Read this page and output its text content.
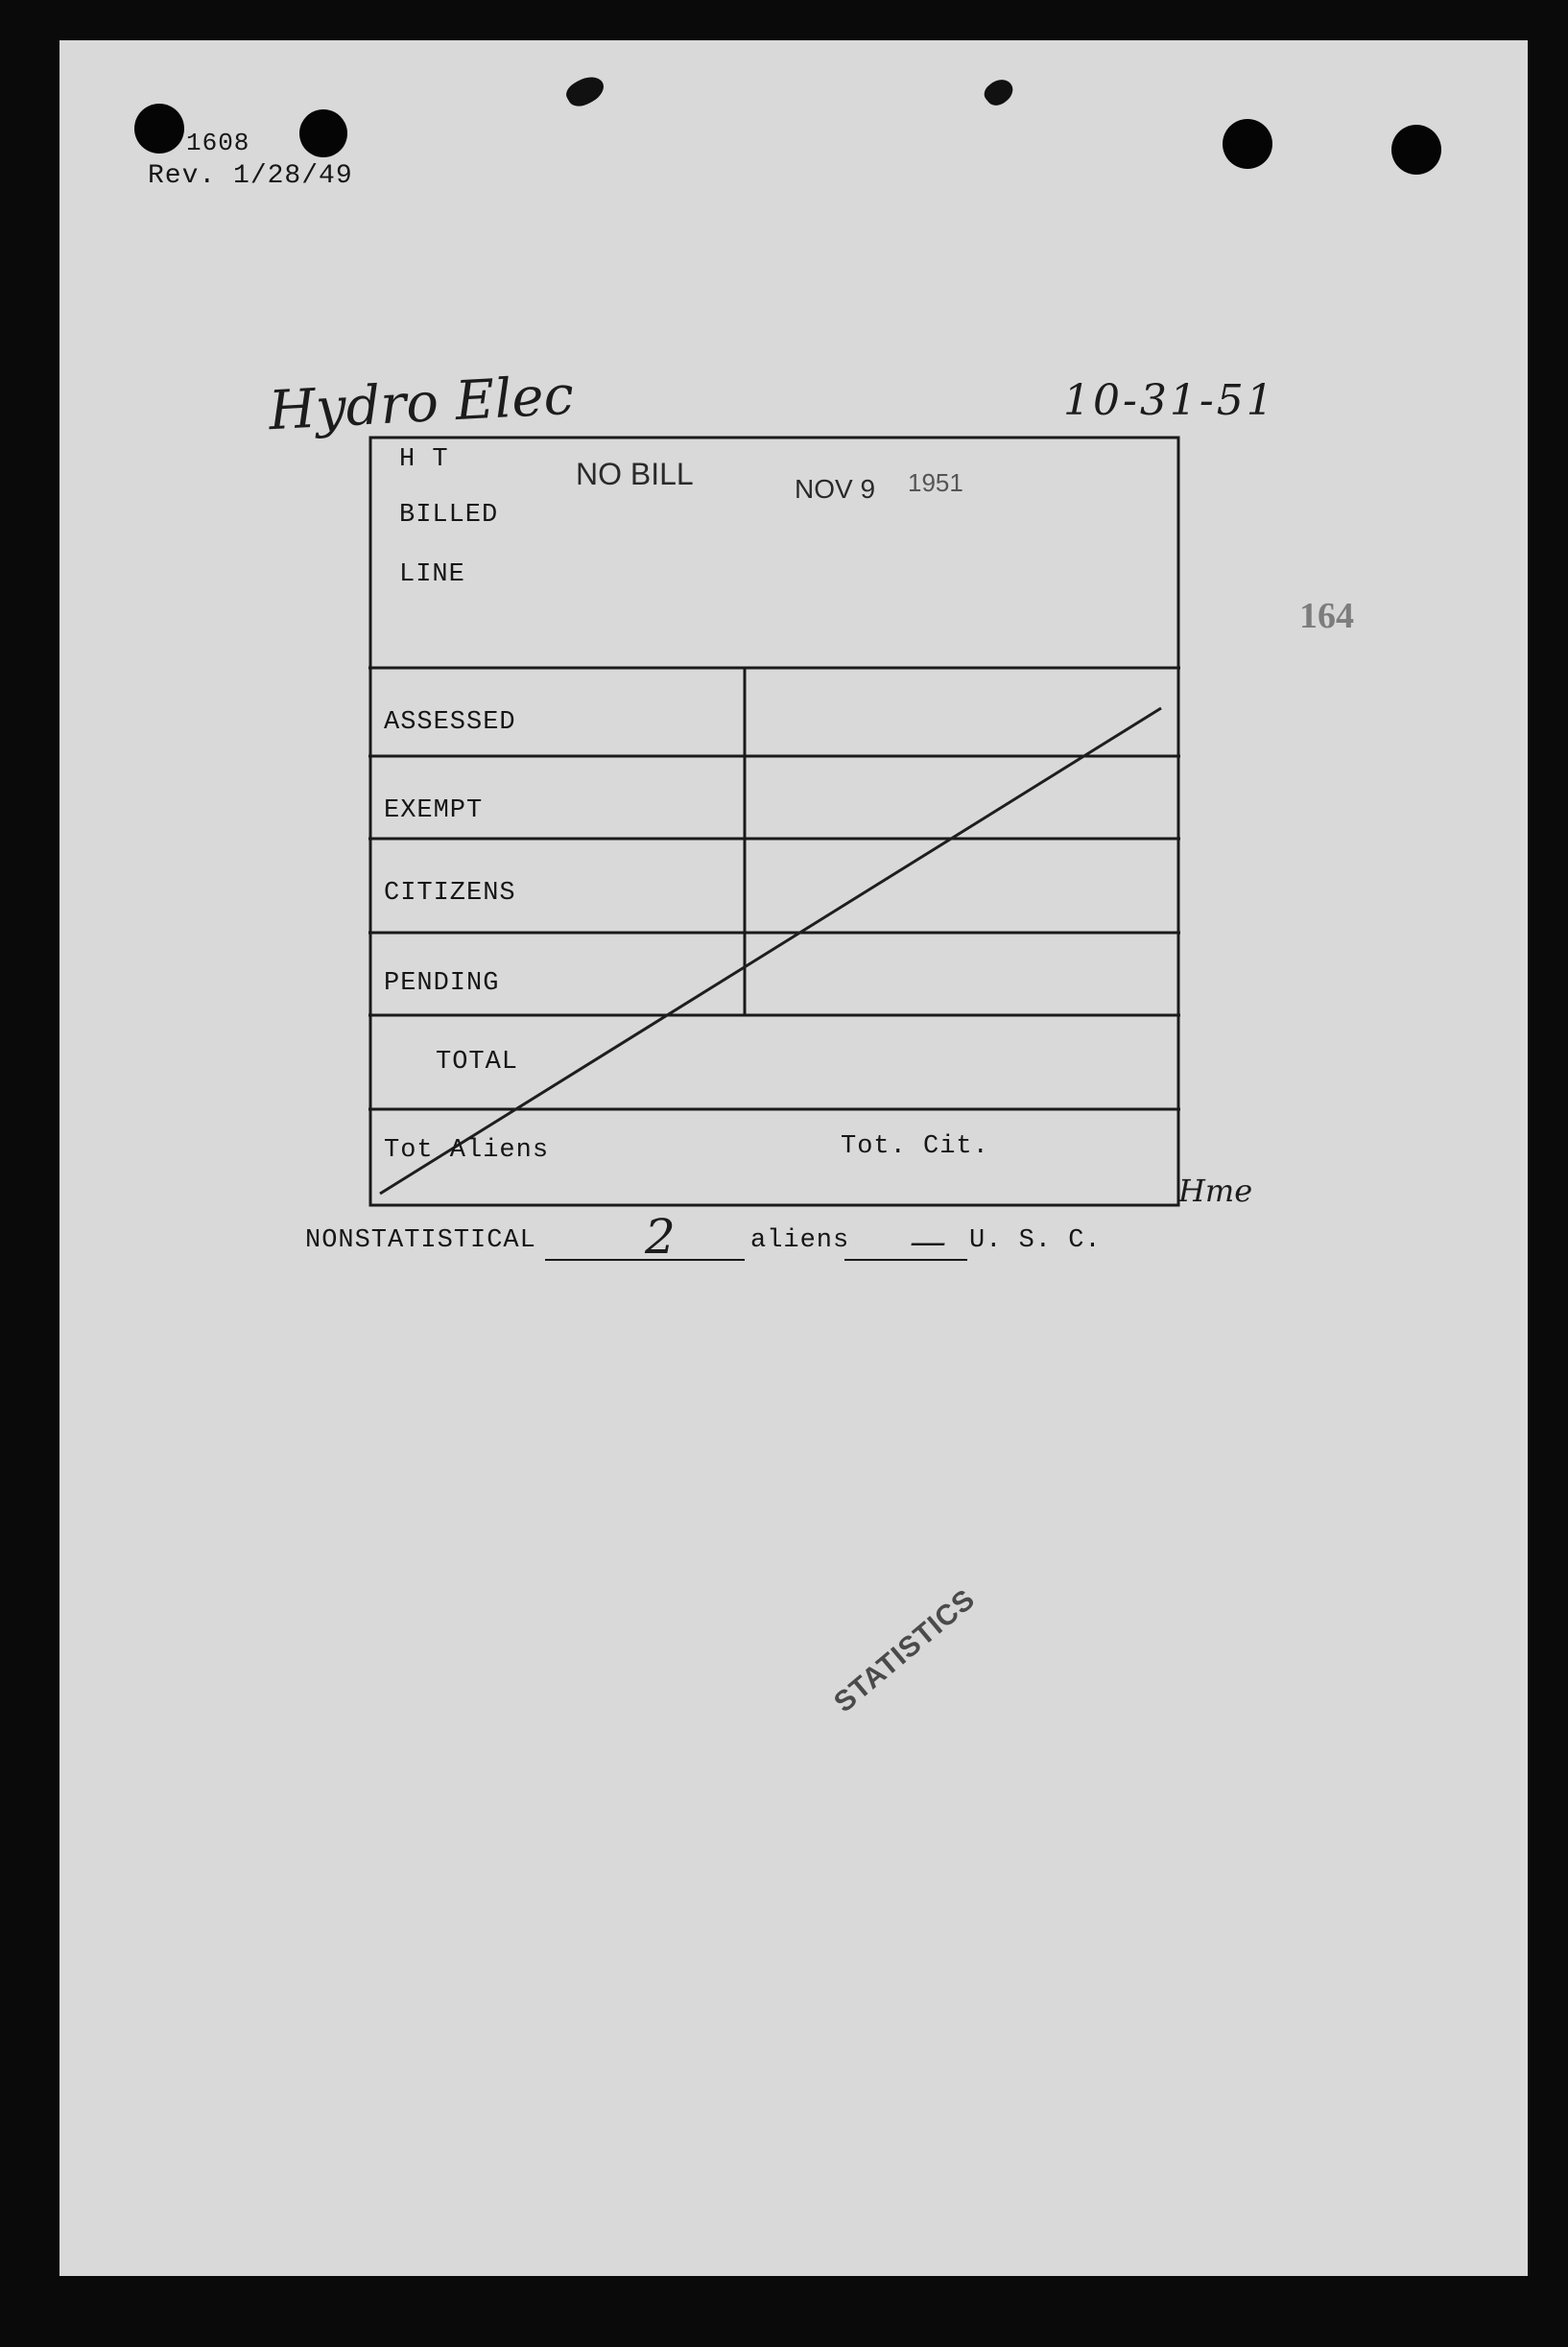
1608
Rev. 1/28/49
Hydro Elec	10-31-51
164
H T
BILLED
LINE
NO BILL	NOV 9 1951
ASSESSED
EXEMPT
CITIZENS
PENDING
TOTAL
Tot Aliens	Tot. Cit.
Hme
NONSTATISTICAL 2	aliens — U. S. C.
STATISTICS
